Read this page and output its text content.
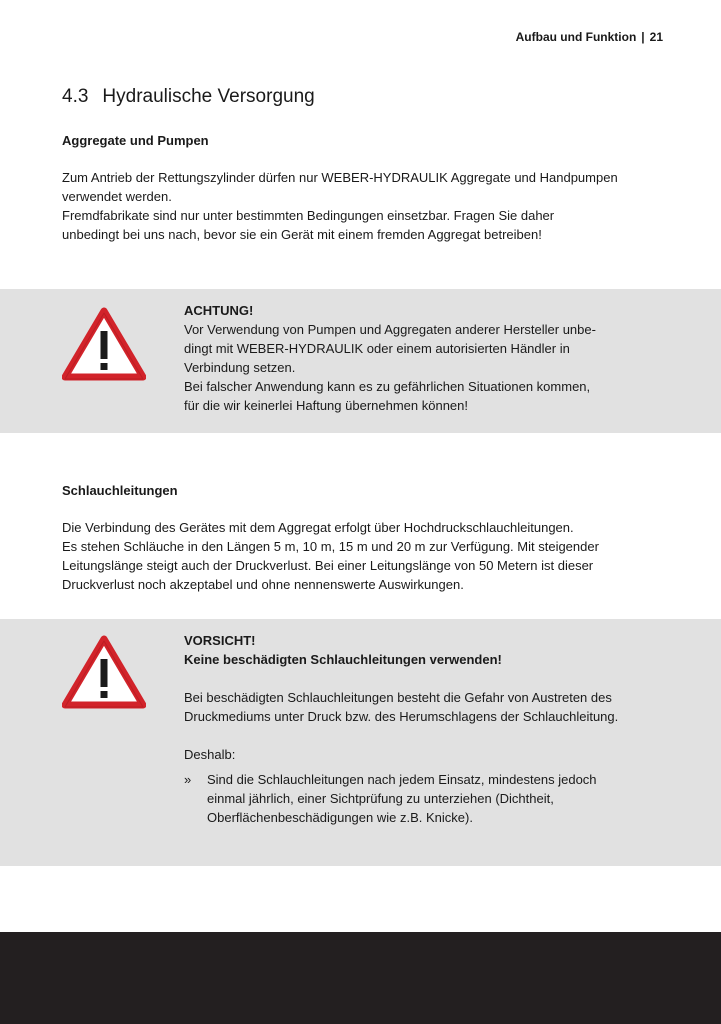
Aufbau und Funktion | 21
4.3 Hydraulische Versorgung
Aggregate und Pumpen

Zum Antrieb der Rettungszylinder dürfen nur WEBER-HYDRAULIK Aggregate und Handpumpen

verwendet werden.

Fremdfabrikate sind nur unter bestimmten Bedingungen einsetzbar. Fragen Sie daher

unbedingt bei uns nach, bevor sie ein Gerät mit einem fremden Aggregat betreiben!

ACHTUNG!

Vor Verwendung von Pumpen und Aggregaten anderer Hersteller unbe-

dingt mit WEBER-HYDRAULIK oder einem autorisierten Händler in

Verbindung setzen.

Bei falscher Anwendung kann es zu gefährlichen Situationen kommen,

für die wir keinerlei Haftung übernehmen können!

Schlauchleitungen

Die Verbindung des Gerätes mit dem Aggregat erfolgt über Hochdruckschlauchleitungen.

Es stehen Schläuche in den Längen 5 m, 10 m, 15 m und 20 m zur Verfügung. Mit steigender

Leitungslänge steigt auch der Druckverlust. Bei einer Leitungslänge von 50 Metern ist dieser

Druckverlust noch akzeptabel und ohne nennenswerte Auswirkungen.

VORSICHT!

Keine beschädigten Schlauchleitungen verwenden!

Bei beschädigten Schlauchleitungen besteht die Gefahr von Austreten des

Druckmediums unter Druck bzw. des Herumschlagens der Schlauchleitung.

Deshalb:

»	Sind die Schlauchleitungen nach jedem Einsatz, mindestens jedoch

einmal jährlich, einer Sichtprüfung zu unterziehen (Dichtheit,

Oberflächenbeschädigungen wie z.B. Knicke).
